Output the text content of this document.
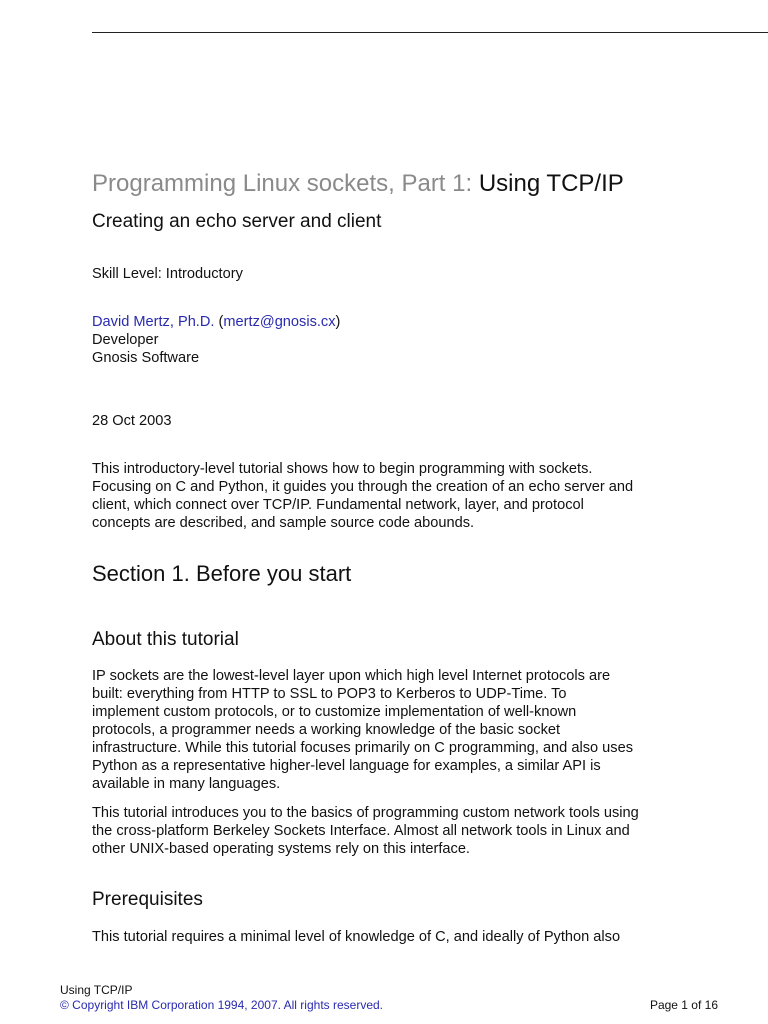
Programming Linux sockets, Part 1: Using TCP/IP
Creating an echo server and client
Skill Level: Introductory
David Mertz, Ph.D. (mertz@gnosis.cx)
Developer
Gnosis Software
28 Oct 2003
This introductory-level tutorial shows how to begin programming with sockets.
Focusing on C and Python, it guides you through the creation of an echo server and
client, which connect over TCP/IP. Fundamental network, layer, and protocol
concepts are described, and sample source code abounds.
Section 1. Before you start
About this tutorial
IP sockets are the lowest-level layer upon which high level Internet protocols are
built: everything from HTTP to SSL to POP3 to Kerberos to UDP-Time. To
implement custom protocols, or to customize implementation of well-known
protocols, a programmer needs a working knowledge of the basic socket
infrastructure. While this tutorial focuses primarily on C programming, and also uses
Python as a representative higher-level language for examples, a similar API is
available in many languages.
This tutorial introduces you to the basics of programming custom network tools using
the cross-platform Berkeley Sockets Interface. Almost all network tools in Linux and
other UNIX-based operating systems rely on this interface.
Prerequisites
This tutorial requires a minimal level of knowledge of C, and ideally of Python also
Using TCP/IP
© Copyright IBM Corporation 1994, 2007. All rights reserved.	Page 1 of 16
